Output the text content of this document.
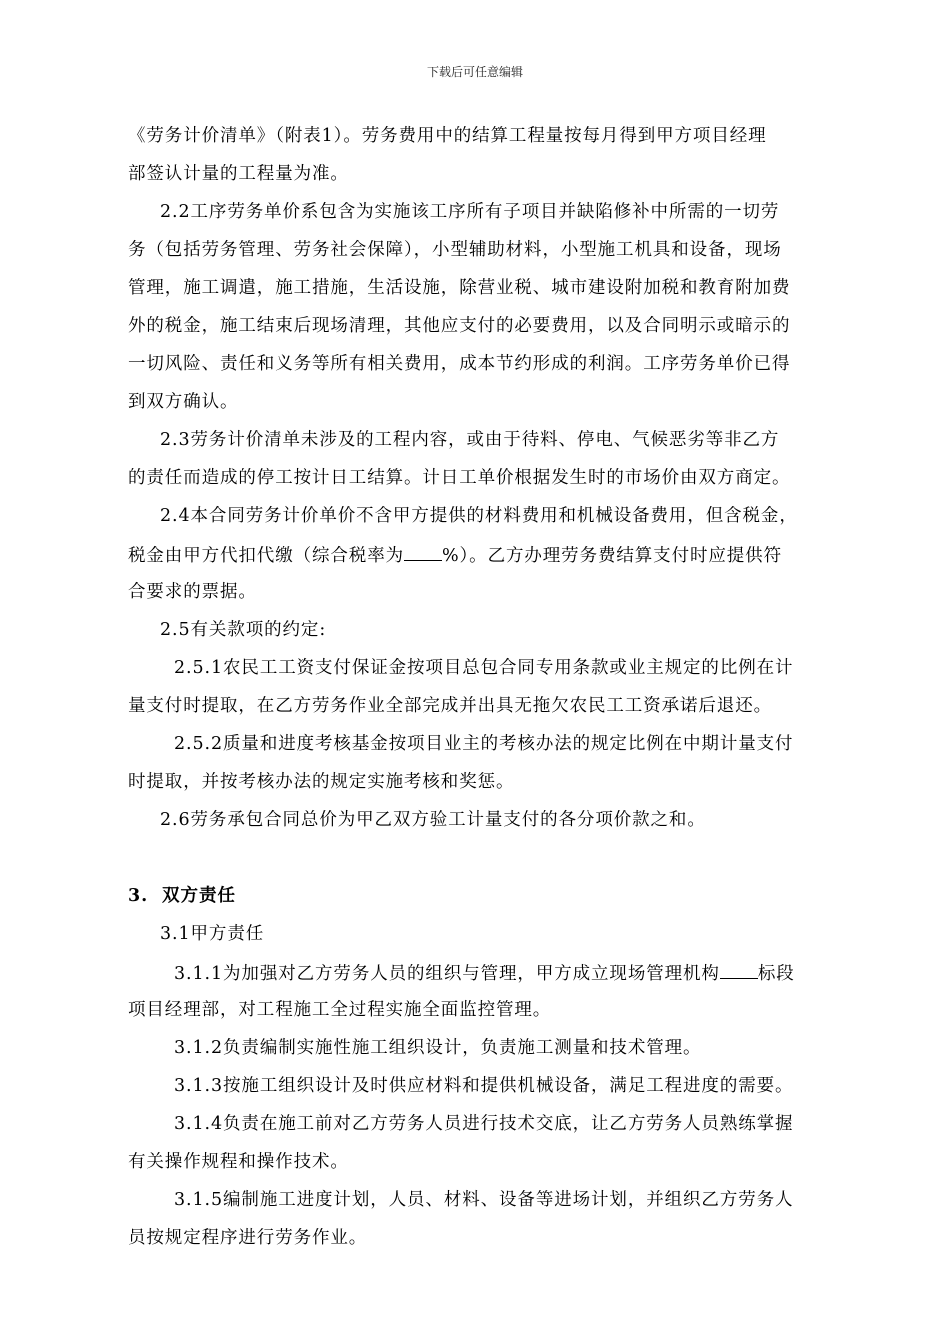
下载后可任意编辑
《劳务计价清单》（附表1）。劳务费用中的结算工程量按每月得到甲方项目经理
部签认计量的工程量为准。
2.2工序劳务单价系包含为实施该工序所有子项目并缺陷修补中所需的一切劳
务（包括劳务管理、劳务社会保障），小型辅助材料，小型施工机具和设备，现场
管理，施工调遣，施工措施，生活设施，除营业税、城市建设附加税和教育附加费
外的税金，施工结束后现场清理，其他应支付的必要费用，以及合同明示或暗示的
一切风险、责任和义务等所有相关费用，成本节约形成的利润。工序劳务单价已得
到双方确认。
2.3劳务计价清单未涉及的工程内容，或由于待料、停电、气候恶劣等非乙方
的责任而造成的停工按计日工结算。计日工单价根据发生时的市场价由双方商定。
2.4本合同劳务计价单价不含甲方提供的材料费用和机械设备费用，但含税金，
税金由甲方代扣代缴（综合税率为 %）。乙方办理劳务费结算支付时应提供符
合要求的票据。
2.5有关款项的约定:
2.5.1农民工工资支付保证金按项目总包合同专用条款或业主规定的比例在计
量支付时提取，在乙方劳务作业全部完成并出具无拖欠农民工工资承诺后退还。
2.5.2质量和进度考核基金按项目业主的考核办法的规定比例在中期计量支付
时提取，并按考核办法的规定实施考核和奖惩。
2.6劳务承包合同总价为甲乙双方验工计量支付的各分项价款之和。
3. 双方责任
3.1甲方责任
3.1.1为加强对乙方劳务人员的组织与管理，甲方成立现场管理机构 标段
项目经理部，对工程施工全过程实施全面监控管理。
3.1.2负责编制实施性施工组织设计，负责施工测量和技术管理。
3.1.3按施工组织设计及时供应材料和提供机械设备，满足工程进度的需要。
3.1.4负责在施工前对乙方劳务人员进行技术交底，让乙方劳务人员熟练掌握
有关操作规程和操作技术。
3.1.5编制施工进度计划，人员、材料、设备等进场计划，并组织乙方劳务人
员按规定程序进行劳务作业。
